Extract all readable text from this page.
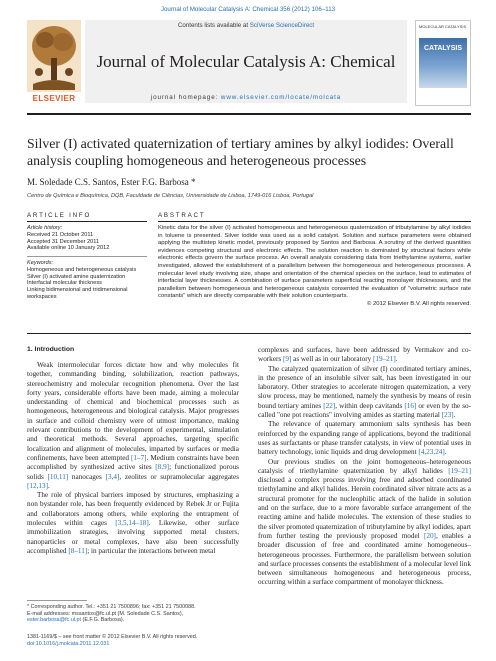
Journal of Molecular Catalysis A: Chemical 356 (2012) 106–113
Contents lists available at SciVerse ScienceDirect
Journal of Molecular Catalysis A: Chemical
journal homepage: www.elsevier.com/locate/molcata
ELSEVIER
MOLECULAR CATALYSIS
CATALYSIS
Silver (I) activated quaternization of tertiary amines by alkyl iodides: Overall analysis coupling homogeneous and heterogeneous processes
M. Soledade C.S. Santos, Ester F.G. Barbosa *
Centro de Química e Bioquímica, DQB, Faculdade de Ciências, Universidade de Lisboa, 1749-016 Lisboa, Portugal
ARTICLE INFO	ABSTRACT
Article history:
Received 21 October 2011
Accepted 31 December 2011
Available online 10 January 2012
Keywords:
Homogeneous and heterogeneous catalysis
Silver (I) activated amine quaternization
Interfacial molecular thickness
Linking bidimensional and tridimensional
workspaces
Kinetic data for the silver (I) activated homogeneous and heterogeneous quaternization of tributylamine by alkyl iodides in toluene is presented. Silver iodide was used as a solid catalyst. Solution and surface parameters were obtained applying the multistep kinetic model, previously proposed by Santos and Barbosa. A scrutiny of the derived quantities evidences competing structural and electronic effects. The solution reaction is dominated by structural factors while electronic effects govern the surface process. An overall analysis considering data from triethylamine systems, earlier investigated, allowed the establishment of a parallelism between the homogeneous and heterogeneous processes. A molecular level study involving size, shape and orientation of the chemical species on the surface, lead to estimates of interfacial layer thicknesses. A combination of surface parameters superficial reacting monolayer thicknesses, and the parallelism between homogeneous and heterogeneous catalysis consented the evaluation of "volumetric surface rate constants" which are directly comparable with their solution counterparts.
© 2012 Elsevier B.V. All rights reserved.
1. Introduction

Weak intermolecular forces dictate how and why molecules fit together, commanding binding, solubilization, reaction pathways, stereochemistry and molecular recognition phenomena. Over the last forty years, considerable efforts have been made, aiming a molecular understanding of chemical and biochemical processes such as homogeneous, heterogeneous and biological catalysis. Major progresses in surface and colloid chemistry were of utmost importance, making relevant contributions to the development of experimental, simulation and theoretical methods. Several approaches, targeting specific localization and alignment of molecules, imparted by surfaces or media confinements, have been attempted [1–7]. Medium constraints have been accomplished by synthesized active sites [8,9]; functionalized porous solids [10,11] nanocages [3,4], zeolites or supramolecular aggregates [12,13].

The role of physical barriers imposed by structures, emphasizing a non bystander role, has been frequently evidenced by Rebek Jr or Fujita and collaborators among others, while exploring the entrapment of molecules within cages [3,5,14–18]. Likewise, other surface immobilization strategies, involving supported metal clusters, nanoparticles or metal complexes, have also been successfully accomplished [8–11]; in particular the interactions between metal

complexes and surfaces, have been addressed by Vermakov and co-workers [9] as well as in our laboratory [19–21].

The catalyzed quaternization of silver (I) coordinated tertiary amines, in the presence of an insoluble silver salt, has been investigated in our laboratory. Other strategies to accelerate nitrogen quaternization, a very slow process, may be mentioned, namely the synthesis by means of resin bound tertiary amines [22], within deep cavitands [16] or even by the so-called "one pot reactions" involving amides as starting material [23].

The relevance of quaternary ammonium salts synthesis has been reinforced by the expanding range of applications, beyond the traditional uses as surfactants or phase transfer catalysts, in view of potential uses in battery technology, ionic liquids and drug development [4,23,24].

Our previous studies on the joint homogeneous–heterogeneous catalysis of triethylamine quaternization by alkyl halides [19–21] disclosed a complex process involving free and adsorbed coordinated triethylamine and alkyl halides. Herein coordinated silver nitrate acts as a structural promoter for the nucleophilic attack of the halide in solution and on the surface, due to a more favorable surface arrangement of the reacting amine and halide molecules. The extension of these studies to the silver promoted quaternization of tributylamine by alkyl iodides, apart from further testing the previously proposed model [20], enables a broader discussion of free and coordinated amine homogeneous–heterogeneous processes. Furthermore, the parallelism between solution and surface processes consents the establishment of a molecular level link between simultaneous homogeneous and heterogeneous process, occurring within a surface compartment of monolayer thickness.

* Corresponding author. Tel.: +351 21 7500896; fax: +351 21 7500088.
E-mail addresses: mssantos@fc.ul.pt (M. Soledade C.S. Santos),
ester.barbosa@fc.ul.pt (E.F.G. Barbosa).
1381-1169/$ – see front matter © 2012 Elsevier B.V. All rights reserved.
doi:10.1016/j.molcata.2011.12.031
